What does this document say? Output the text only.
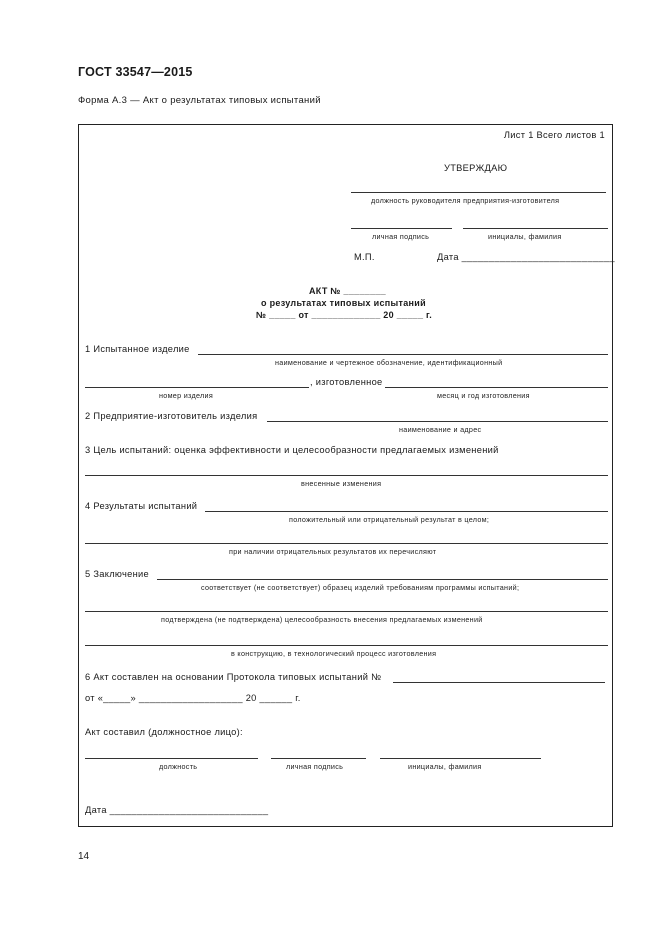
ГОСТ 33547—2015
Форма А.3 — Акт о результатах типовых испытаний
Лист 1 Всего листов 1
УТВЕРЖДАЮ
должность руководителя предприятия-изготовителя
личная подпись	инициалы, фамилия
М.П.	Дата ____________________________
АКТ № ________
о результатах типовых испытаний
№ _____ от _____________ 20 _____ г.
1 Испытанное изделие
наименование и чертежное обозначение, идентификационный
, изготовленное
номер изделия	месяц и год изготовления
2 Предприятие-изготовитель изделия
наименование и адрес
3 Цель испытаний: оценка эффективности и целесообразности предлагаемых изменений
внесенные изменения
4 Результаты испытаний
положительный или отрицательный результат в целом;
при наличии отрицательных результатов их перечисляют
5 Заключение
соответствует (не соответствует) образец изделий требованиям программы испытаний;
подтверждена (не подтверждена) целесообразность внесения предлагаемых изменений
в конструкцию, в технологический процесс изготовления
6 Акт составлен на основании Протокола типовых испытаний №
от «_____» ___________________ 20 ______ г.
Акт составил (должностное лицо):
должность	личная подпись	инициалы, фамилия
Дата _____________________________
14
